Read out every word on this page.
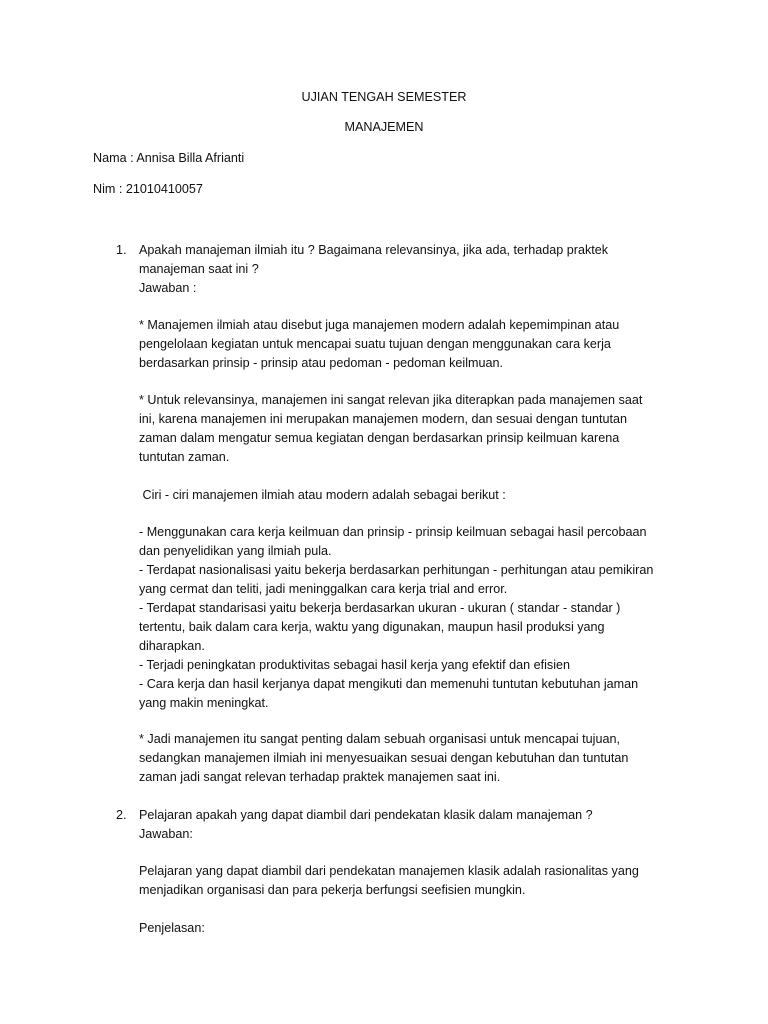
UJIAN TENGAH SEMESTER
MANAJEMEN
Nama : Annisa Billa Afrianti
Nim : 21010410057
1. Apakah manajeman ilmiah itu ? Bagaimana relevansinya, jika ada, terhadap praktek
manajeman saat ini ?
Jawaban :
* Manajemen ilmiah atau disebut juga manajemen modern adalah kepemimpinan atau
pengelolaan kegiatan untuk mencapai suatu tujuan dengan menggunakan cara kerja
berdasarkan prinsip - prinsip atau pedoman - pedoman keilmuan.
* Untuk relevansinya, manajemen ini sangat relevan jika diterapkan pada manajemen saat
ini, karena manajemen ini merupakan manajemen modern, dan sesuai dengan tuntutan
zaman dalam mengatur semua kegiatan dengan berdasarkan prinsip keilmuan karena
tuntutan zaman.
Ciri - ciri manajemen ilmiah atau modern adalah sebagai berikut :
- Menggunakan cara kerja keilmuan dan prinsip - prinsip keilmuan sebagai hasil percobaan
dan penyelidikan yang ilmiah pula.
- Terdapat nasionalisasi yaitu bekerja berdasarkan perhitungan - perhitungan atau pemikiran
yang cermat dan teliti, jadi meninggalkan cara kerja trial and error.
- Terdapat standarisasi yaitu bekerja berdasarkan ukuran - ukuran ( standar - standar )
tertentu, baik dalam cara kerja, waktu yang digunakan, maupun hasil produksi yang
diharapkan.
- Terjadi peningkatan produktivitas sebagai hasil kerja yang efektif dan efisien
- Cara kerja dan hasil kerjanya dapat mengikuti dan memenuhi tuntutan kebutuhan jaman
yang makin meningkat.
* Jadi manajemen itu sangat penting dalam sebuah organisasi untuk mencapai tujuan,
sedangkan manajemen ilmiah ini menyesuaikan sesuai dengan kebutuhan dan tuntutan
zaman jadi sangat relevan terhadap praktek manajemen saat ini.
2. Pelajaran apakah yang dapat diambil dari pendekatan klasik dalam manajeman ?
Jawaban:
Pelajaran yang dapat diambil dari pendekatan manajemen klasik adalah rasionalitas yang
menjadikan organisasi dan para pekerja berfungsi seefisien mungkin.
Penjelasan:
